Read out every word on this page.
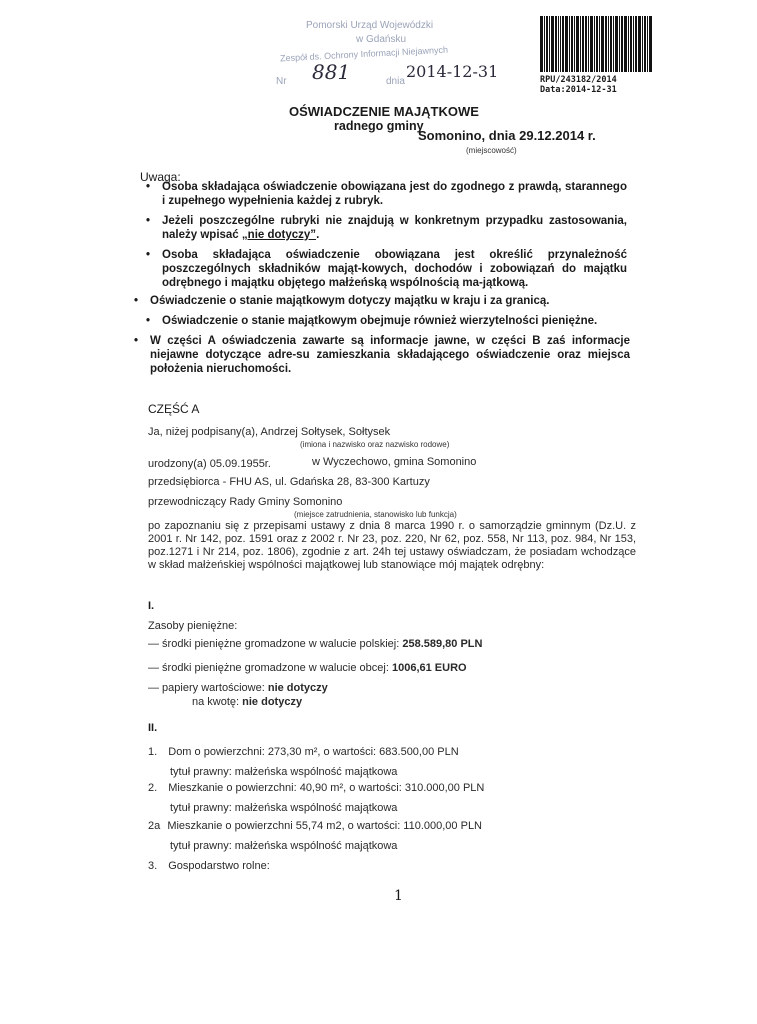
Pomorski Urząd Wojewódzki
w Gdańsku
Zespół ds. Ochrony Informacji Niejawnych
Nr 881	dnia
2014-12-31	RPU/243182/2014
Data:2014-12-31
OŚWIADCZENIE MAJĄTKOWE
radnego gminy
Somonino, dnia 29.12.2014 r.
(miejscowość)
Uwaga:
• Osoba składająca oświadczenie obowiązana jest do zgodnego z prawdą, starannego i zupełnego wypełnienia każdej z rubryk.
• Jeżeli poszczególne rubryki nie znajdują w konkretnym przypadku zastosowania, należy wpisać „nie dotyczy”.
• Osoba składająca oświadczenie obowiązana jest określić przynależność poszczególnych składników mająt-kowych, dochodów i zobowiązań do majątku odrębnego i majątku objętego małżeńską wspólnością ma-jątkową.
• Oświadczenie o stanie majątkowym dotyczy majątku w kraju i za granicą.
• Oświadczenie o stanie majątkowym obejmuje również wierzytelności pieniężne.
• W części A oświadczenia zawarte są informacje jawne, w części B zaś informacje niejawne dotyczące adre-su zamieszkania składającego oświadczenie oraz miejsca położenia nieruchomości.
CZĘŚĆ A
Ja, niżej podpisany(a), Andrzej Sołtysek, Sołtysek
(imiona i nazwisko oraz nazwisko rodowe)
urodzony(a) 05.09.1955r.	w Wyczechowo, gmina Somonino
przedsiębiorca - FHU AS, ul. Gdańska 28, 83-300 Kartuzy
przewodniczący Rady Gminy Somonino
(miejsce zatrudnienia, stanowisko lub funkcja)
po zapoznaniu się z przepisami ustawy z dnia 8 marca 1990 r. o samorządzie gminnym (Dz.U. z 2001 r. Nr 142, poz. 1591 oraz z 2002 r. Nr 23, poz. 220, Nr 62, poz. 558, Nr 113, poz. 984, Nr 153, poz.1271 i Nr 214, poz. 1806), zgodnie z art. 24h tej ustawy oświadczam, że posiadam wchodzące w skład małżeńskiej wspólności majątkowej lub stanowiące mój majątek odrębny:
I.
Zasoby pieniężne:
— środki pieniężne gromadzone w walucie polskiej: 258.589,80 PLN
— środki pieniężne gromadzone w walucie obcej: 1006,61 EURO
— papiery wartościowe: nie dotyczy
na kwotę: nie dotyczy
II.
1. Dom o powierzchni: 273,30 m², o wartości: 683.500,00 PLN
tytuł prawny: małżeńska wspólność majątkowa
2. Mieszkanie o powierzchni: 40,90 m², o wartości: 310.000,00 PLN
tytuł prawny: małżeńska wspólność majątkowa
2a Mieszkanie o powierzchni 55,74 m2, o wartości: 110.000,00 PLN
tytuł prawny: małżeńska wspólność majątkowa
3. Gospodarstwo rolne:
1
